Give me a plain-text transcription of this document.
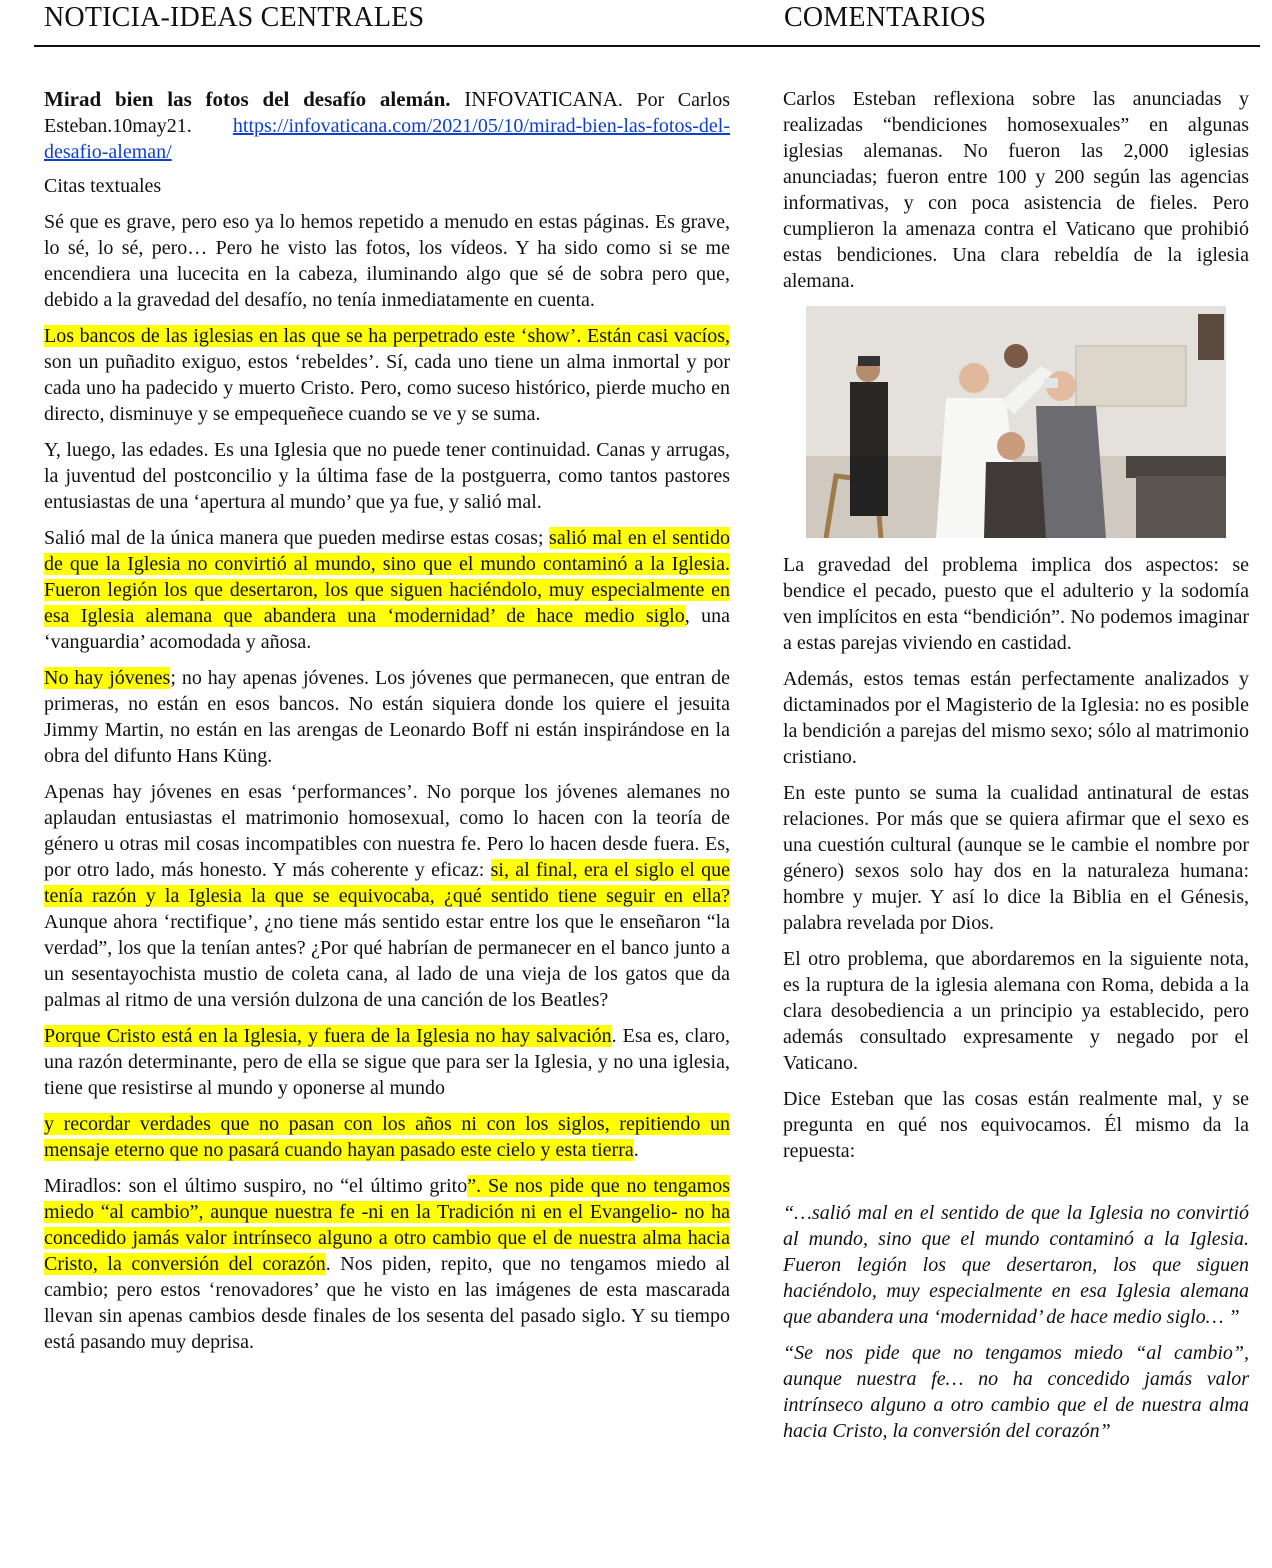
NOTICIA-IDEAS CENTRALES	COMENTARIOS

Mirad bien las fotos del desafío alemán. INFOVATICANA. Por Carlos Esteban.10may21. https://infovaticana.com/2021/05/10/mirad-bien-las-fotos-del-desafio-aleman/

Citas textuales

Sé que es grave, pero eso ya lo hemos repetido a menudo en estas páginas. Es grave, lo sé, lo sé, pero… Pero he visto las fotos, los vídeos. Y ha sido como si se me encendiera una lucecita en la cabeza, iluminando algo que sé de sobra pero que, debido a la gravedad del desafío, no tenía inmediatamente en cuenta.

Los bancos de las iglesias en las que se ha perpetrado este ‘show’. Están casi vacíos, son un puñadito exiguo, estos ‘rebeldes’. Sí, cada uno tiene un alma inmortal y por cada uno ha padecido y muerto Cristo. Pero, como suceso histórico, pierde mucho en directo, disminuye y se empequeñece cuando se ve y se suma.

Y, luego, las edades. Es una Iglesia que no puede tener continuidad. Canas y arrugas, la juventud del postconcilio y la última fase de la postguerra, como tantos pastores entusiastas de una ‘apertura al mundo’ que ya fue, y salió mal.

Salió mal de la única manera que pueden medirse estas cosas; salió mal en el sentido de que la Iglesia no convirtió al mundo, sino que el mundo contaminó a la Iglesia. Fueron legión los que desertaron, los que siguen haciéndolo, muy especialmente en esa Iglesia alemana que abandera una ‘modernidad’ de hace medio siglo, una ‘vanguardia’ acomodada y añosa.

No hay jóvenes; no hay apenas jóvenes. Los jóvenes que permanecen, que entran de primeras, no están en esos bancos. No están siquiera donde los quiere el jesuita Jimmy Martin, no están en las arengas de Leonardo Boff ni están inspirándose en la obra del difunto Hans Küng.

Apenas hay jóvenes en esas ‘performances’. No porque los jóvenes alemanes no aplaudan entusiastas el matrimonio homosexual, como lo hacen con la teoría de género u otras mil cosas incompatibles con nuestra fe. Pero lo hacen desde fuera. Es, por otro lado, más honesto. Y más coherente y eficaz: si, al final, era el siglo el que tenía razón y la Iglesia la que se equivocaba, ¿qué sentido tiene seguir en ella? Aunque ahora ‘rectifique’, ¿no tiene más sentido estar entre los que le enseñaron “la verdad”, los que la tenían antes? ¿Por qué habrían de permanecer en el banco junto a un sesentayochista mustio de coleta cana, al lado de una vieja de los gatos que da palmas al ritmo de una versión dulzona de una canción de los Beatles?

Porque Cristo está en la Iglesia, y fuera de la Iglesia no hay salvación. Esa es, claro, una razón determinante, pero de ella se sigue que para ser la Iglesia, y no una iglesia, tiene que resistirse al mundo y oponerse al mundo

y recordar verdades que no pasan con los años ni con los siglos, repitiendo un mensaje eterno que no pasará cuando hayan pasado este cielo y esta tierra.

Miradlos: son el último suspiro, no “el último grito”. Se nos pide que no tengamos miedo “al cambio”, aunque nuestra fe -ni en la Tradición ni en el Evangelio- no ha concedido jamás valor intrínseco alguno a otro cambio que el de nuestra alma hacia Cristo, la conversión del corazón. Nos piden, repito, que no tengamos miedo al cambio; pero estos ‘renovadores’ que he visto en las imágenes de esta mascarada llevan sin apenas cambios desde finales de los sesenta del pasado siglo. Y su tiempo está pasando muy deprisa.

Carlos Esteban reflexiona sobre las anunciadas y realizadas “bendiciones homosexuales” en algunas iglesias alemanas. No fueron las 2,000 iglesias anunciadas; fueron entre 100 y 200 según las agencias informativas, y con poca asistencia de fieles. Pero cumplieron la amenaza contra el Vaticano que prohibió estas bendiciones. Una clara rebeldía de la iglesia alemana.

La gravedad del problema implica dos aspectos: se bendice el pecado, puesto que el adulterio y la sodomía ven implícitos en esta “bendición”. No podemos imaginar a estas parejas viviendo en castidad.

Además, estos temas están perfectamente analizados y dictaminados por el Magisterio de la Iglesia: no es posible la bendición a parejas del mismo sexo; sólo al matrimonio cristiano.

En este punto se suma la cualidad antinatural de estas relaciones. Por más que se quiera afirmar que el sexo es una cuestión cultural (aunque se le cambie el nombre por género) sexos solo hay dos en la naturaleza humana: hombre y mujer. Y así lo dice la Biblia en el Génesis, palabra revelada por Dios.

El otro problema, que abordaremos en la siguiente nota, es la ruptura de la iglesia alemana con Roma, debida a la clara desobediencia a un principio ya establecido, pero además consultado expresamente y negado por el Vaticano.

Dice Esteban que las cosas están realmente mal, y se pregunta en qué nos equivocamos. Él mismo da la repuesta:

“…salió mal en el sentido de que la Iglesia no convirtió al mundo, sino que el mundo contaminó a la Iglesia. Fueron legión los que desertaron, los que siguen haciéndolo, muy especialmente en esa Iglesia alemana que abandera una ‘modernidad’ de hace medio siglo… ”

“Se nos pide que no tengamos miedo “al cambio”, aunque nuestra fe… no ha concedido jamás valor intrínseco alguno a otro cambio que el de nuestra alma hacia Cristo, la conversión del corazón”
